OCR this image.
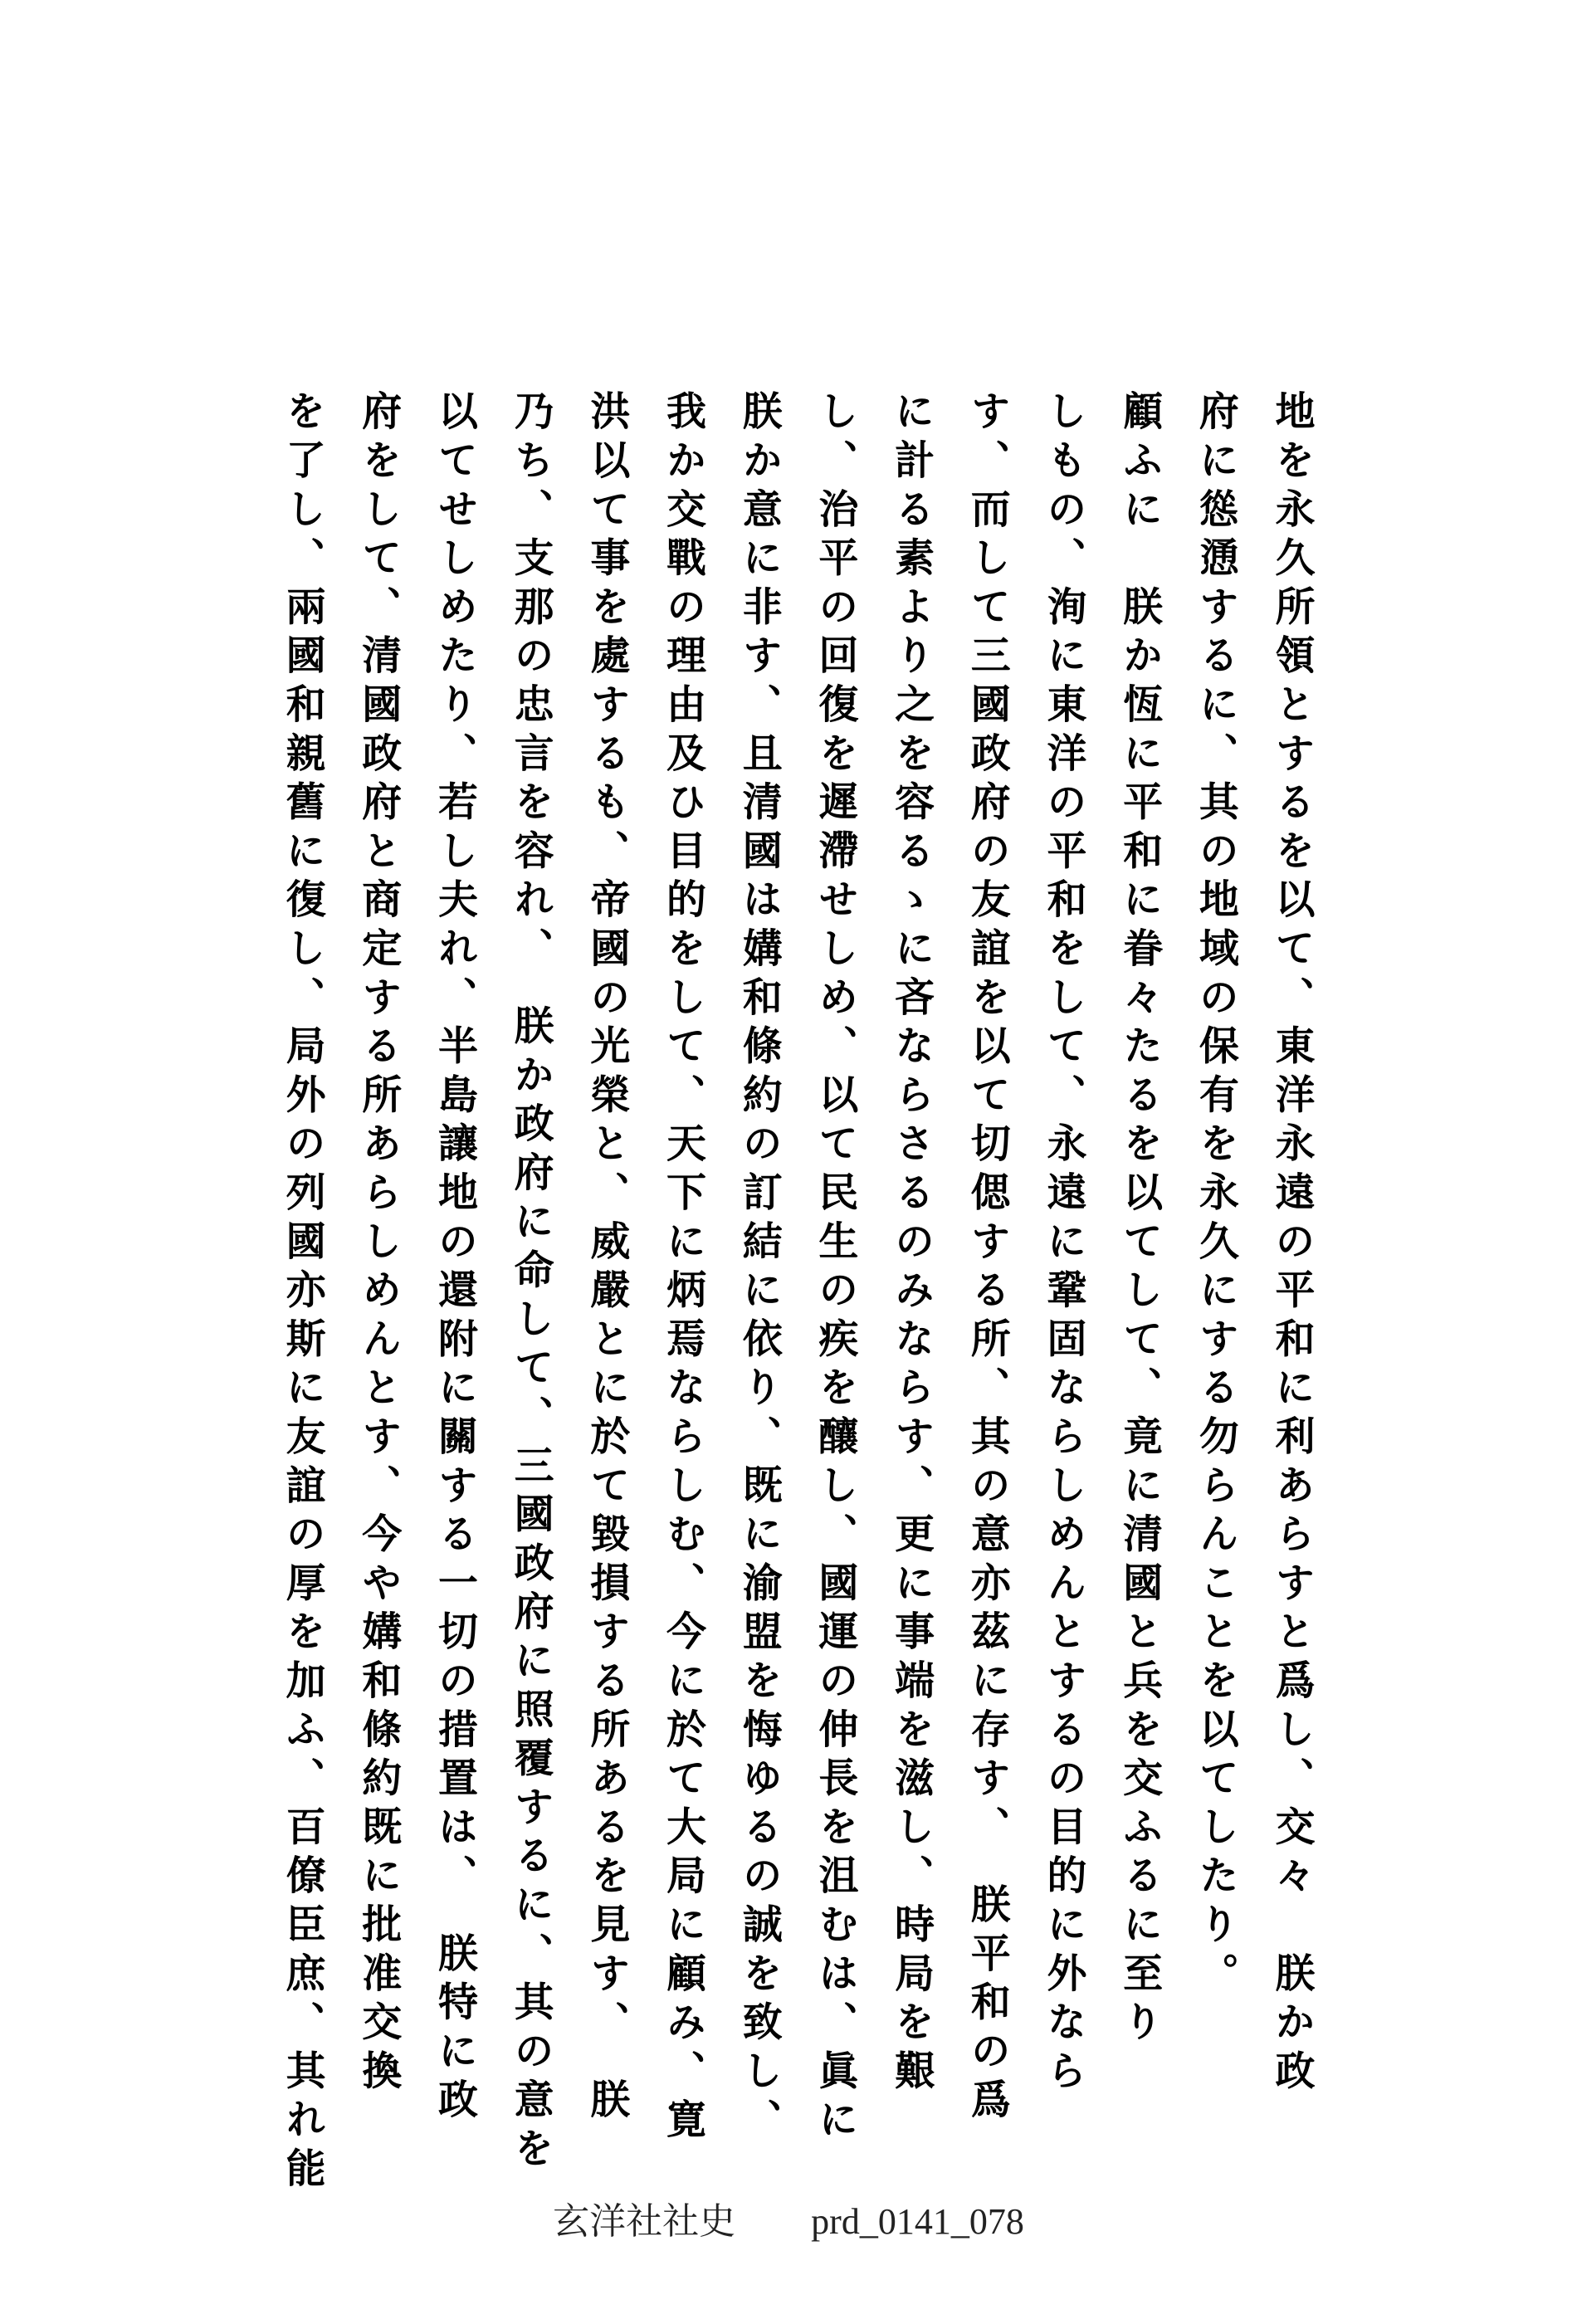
地を永久所領とするを以て、東洋永遠の平和に利あらすと爲し、交々　朕か政
府に慫慂するに、其の地域の保有を永久にする勿らんことを以てしたり。
顧ふに　朕か恆に平和に眷々たるを以てして、竟に清國と兵を交ふるに至り
しもの、洵に東洋の平和をして、永遠に鞏固ならしめんとするの目的に外なら
す、而して三國政府の友誼を以て切偲する所、其の意亦茲に存す、　朕平和の爲
に計る素より之を容るゝに吝ならさるのみならす、更に事端を滋し、時局を艱
し、治平の回復を遲滯せしめ、以て民生の疾を釀し、國運の伸長を沮むは、眞に
朕か意に非す、且清國は媾和條約の訂結に依り、既に渝盟を悔ゆるの誠を致し、
我か交戰の理由及ひ目的をして、天下に炳焉ならしむ、今に於て大局に顧み、寛
洪以て事を處するも、帝國の光榮と、威嚴とに於て毀損する所あるを見す、　朕
乃ち、支那の忠言を容れ、　朕か政府に命して、三國政府に照覆するに、其の意を
以てせしめたり、若し夫れ、半島讓地の還附に關する一切の措置は、　朕特に政
府をして、清國政府と商定する所あらしめんとす、今や媾和條約既に批准交換
を了し、兩國和親舊に復し、局外の列國亦斯に友誼の厚を加ふ、百僚臣庶、其れ能
玄洋社社史 prd_0141_078
